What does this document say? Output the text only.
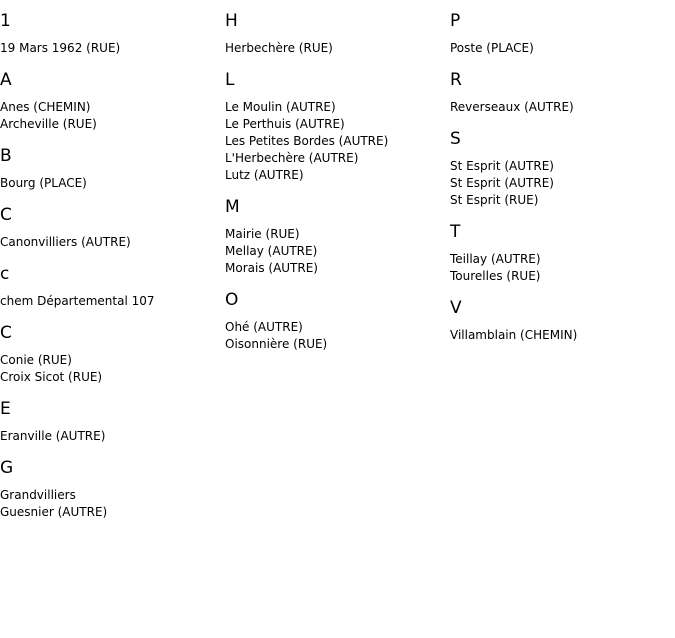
1
19 Mars 1962 (RUE)
A
Anes (CHEMIN)
Archeville (RUE)
B
Bourg (PLACE)
C
Canonvilliers (AUTRE)
c
chem Départemental 107
C
Conie (RUE)
Croix Sicot (RUE)
E
Eranville (AUTRE)
G
Grandvilliers
Guesnier (AUTRE)
H
Herbechère (RUE)
L
Le Moulin (AUTRE)
Le Perthuis (AUTRE)
Les Petites Bordes (AUTRE)
L'Herbechère (AUTRE)
Lutz (AUTRE)
M
Mairie (RUE)
Mellay (AUTRE)
Morais (AUTRE)
O
Ohé (AUTRE)
Oisonnière (RUE)
P
Poste (PLACE)
R
Reverseaux (AUTRE)
S
St Esprit (AUTRE)
St Esprit (AUTRE)
St Esprit (RUE)
T
Teillay (AUTRE)
Tourelles (RUE)
V
Villamblain (CHEMIN)
